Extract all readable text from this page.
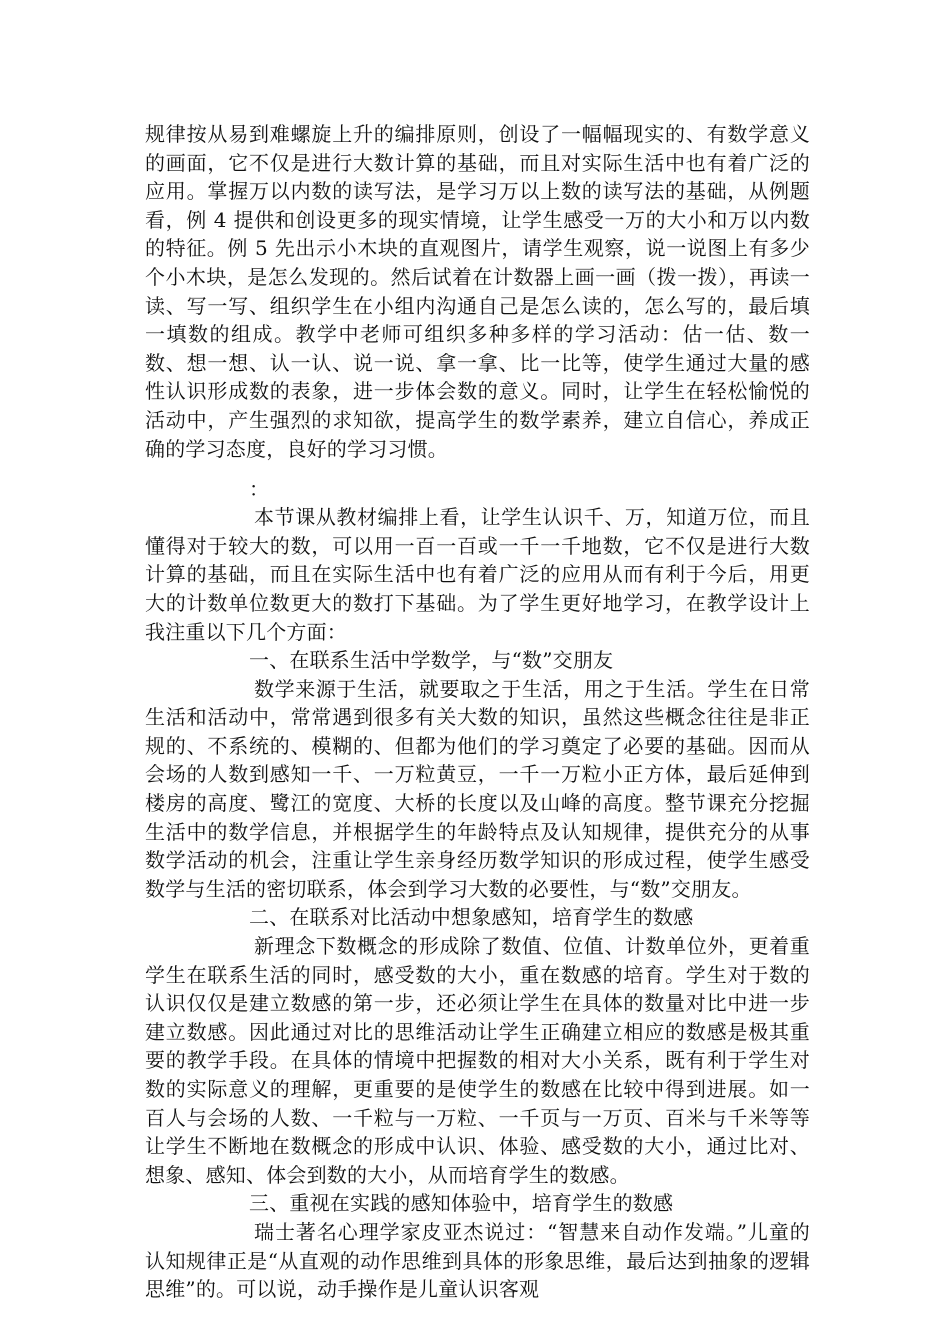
规律按从易到难螺旋上升的编排原则，创设了一幅幅现实的、有数学意义的画面，它不仅是进行大数计算的基础，而且对实际生活中也有着广泛的应用。掌握万以内数的读写法，是学习万以上数的读写法的基础，从例题看，例 4 提供和创设更多的现实情境，让学生感受一万的大小和万以内数的特征。例 5 先出示小木块的直观图片，请学生观察，说一说图上有多少个小木块，是怎么发现的。然后试着在计数器上画一画（拨一拨），再读一读、写一写、组织学生在小组内沟通自己是怎么读的，怎么写的，最后填一填数的组成。教学中老师可组织多种多样的学习活动：估一估、数一数、想一想、认一认、说一说、拿一拿、比一比等，使学生通过大量的感性认识形成数的表象，进一步体会数的意义。同时，让学生在轻松愉悦的活动中，产生强烈的求知欲，提高学生的数学素养，建立自信心，养成正确的学习态度，良好的学习习惯。

：

本节课从教材编排上看，让学生认识千、万，知道万位，而且懂得对于较大的数，可以用一百一百或一千一千地数，它不仅是进行大数计算的基础，而且在实际生活中也有着广泛的应用从而有利于今后，用更大的计数单位数更大的数打下基础。为了学生更好地学习，在教学设计上我注重以下几个方面：

一、在联系生活中学数学，与“数”交朋友

数学来源于生活，就要取之于生活，用之于生活。学生在日常生活和活动中，常常遇到很多有关大数的知识，虽然这些概念往往是非正规的、不系统的、模糊的、但都为他们的学习奠定了必要的基础。因而从会场的人数到感知一千、一万粒黄豆，一千一万粒小正方体，最后延伸到楼房的高度、鹭江的宽度、大桥的长度以及山峰的高度。整节课充分挖掘生活中的数学信息，并根据学生的年龄特点及认知规律，提供充分的从事数学活动的机会，注重让学生亲身经历数学知识的形成过程，使学生感受数学与生活的密切联系，体会到学习大数的必要性，与“数”交朋友。

二、在联系对比活动中想象感知，培育学生的数感

新理念下数概念的形成除了数值、位值、计数单位外，更着重学生在联系生活的同时，感受数的大小，重在数感的培育。学生对于数的认识仅仅是建立数感的第一步，还必须让学生在具体的数量对比中进一步建立数感。因此通过对比的思维活动让学生正确建立相应的数感是极其重要的教学手段。在具体的情境中把握数的相对大小关系，既有利于学生对数的实际意义的理解，更重要的是使学生的数感在比较中得到进展。如一百人与会场的人数、一千粒与一万粒、一千页与一万页、百米与千米等等让学生不断地在数概念的形成中认识、体验、感受数的大小，通过比对、想象、感知、体会到数的大小，从而培育学生的数感。

三、重视在实践的感知体验中，培育学生的数感

瑞士著名心理学家皮亚杰说过：“智慧来自动作发端。”儿童的认知规律正是“从直观的动作思维到具体的形象思维，最后达到抽象的逻辑思维”的。可以说，动手操作是儿童认识客观
